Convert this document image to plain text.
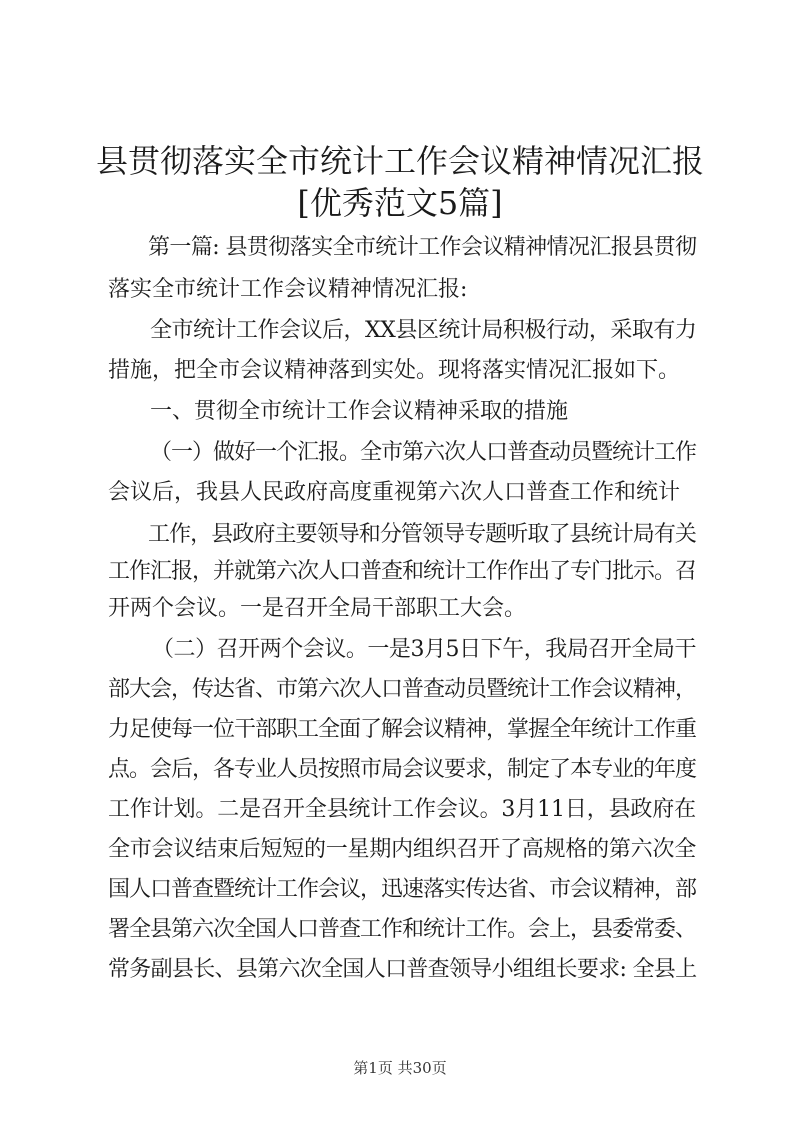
县贯彻落实全市统计工作会议精神情况汇报
[优秀范文5篇]

第一篇: 县贯彻落实全市统计工作会议精神情况汇报县贯彻

落实全市统计工作会议精神情况汇报:

全市统计工作会议后，XX县区统计局积极行动，采取有力

措施，把全市会议精神落到实处。现将落实情况汇报如下。

一、贯彻全市统计工作会议精神采取的措施

（一）做好一个汇报。全市第六次人口普查动员暨统计工作

会议后，我县人民政府高度重视第六次人口普查工作和统计

工作，县政府主要领导和分管领导专题听取了县统计局有关

工作汇报，并就第六次人口普查和统计工作作出了专门批示。召

开两个会议。一是召开全局干部职工大会。

（二）召开两个会议。一是3月5日下午，我局召开全局干

部大会，传达省、市第六次人口普查动员暨统计工作会议精神，

力足使每一位干部职工全面了解会议精神，掌握全年统计工作重

点。会后，各专业人员按照市局会议要求，制定了本专业的年度

工作计划。二是召开全县统计工作会议。3月11日，县政府在

全市会议结束后短短的一星期内组织召开了高规格的第六次全

国人口普查暨统计工作会议，迅速落实传达省、市会议精神，部

署全县第六次全国人口普查工作和统计工作。会上，县委常委、

常务副县长、县第六次全国人口普查领导小组组长要求: 全县上

第1页 共30页
